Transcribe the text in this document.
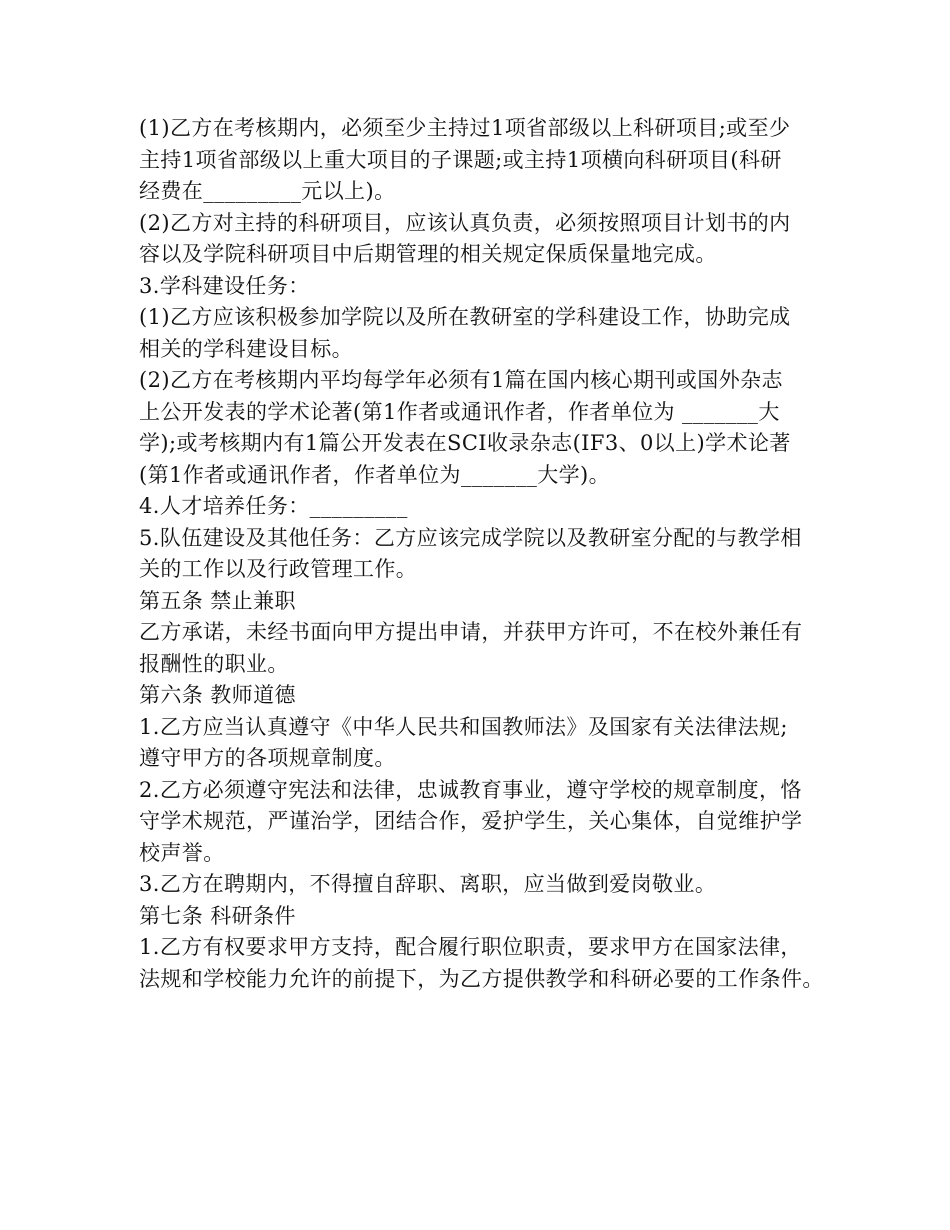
(1)乙方在考核期内，必须至少主持过1项省部级以上科研项目;或至少
主持1项省部级以上重大项目的子课题;或主持1项横向科研项目(科研
经费在_________元以上)。
(2)乙方对主持的科研项目，应该认真负责，必须按照项目计划书的内
容以及学院科研项目中后期管理的相关规定保质保量地完成。
3.学科建设任务：
(1)乙方应该积极参加学院以及所在教研室的学科建设工作，协助完成
相关的学科建设目标。
(2)乙方在考核期内平均每学年必须有1篇在国内核心期刊或国外杂志
上公开发表的学术论著(第1作者或通讯作者，作者单位为 _______大
学);或考核期内有1篇公开发表在SCI收录杂志(IF3、0以上)学术论著
(第1作者或通讯作者，作者单位为_______大学)。
4.人才培养任务：_________
5.队伍建设及其他任务：乙方应该完成学院以及教研室分配的与教学相
关的工作以及行政管理工作。
第五条 禁止兼职
乙方承诺，未经书面向甲方提出申请，并获甲方许可，不在校外兼任有
报酬性的职业。
第六条 教师道德
1.乙方应当认真遵守《中华人民共和国教师法》及国家有关法律法规;
遵守甲方的各项规章制度。
2.乙方必须遵守宪法和法律，忠诚教育事业，遵守学校的规章制度，恪
守学术规范，严谨治学，团结合作，爱护学生，关心集体，自觉维护学
校声誉。
3.乙方在聘期内，不得擅自辞职、离职，应当做到爱岗敬业。
第七条 科研条件
1.乙方有权要求甲方支持，配合履行职位职责，要求甲方在国家法律，
法规和学校能力允许的前提下，为乙方提供教学和科研必要的工作条件。
